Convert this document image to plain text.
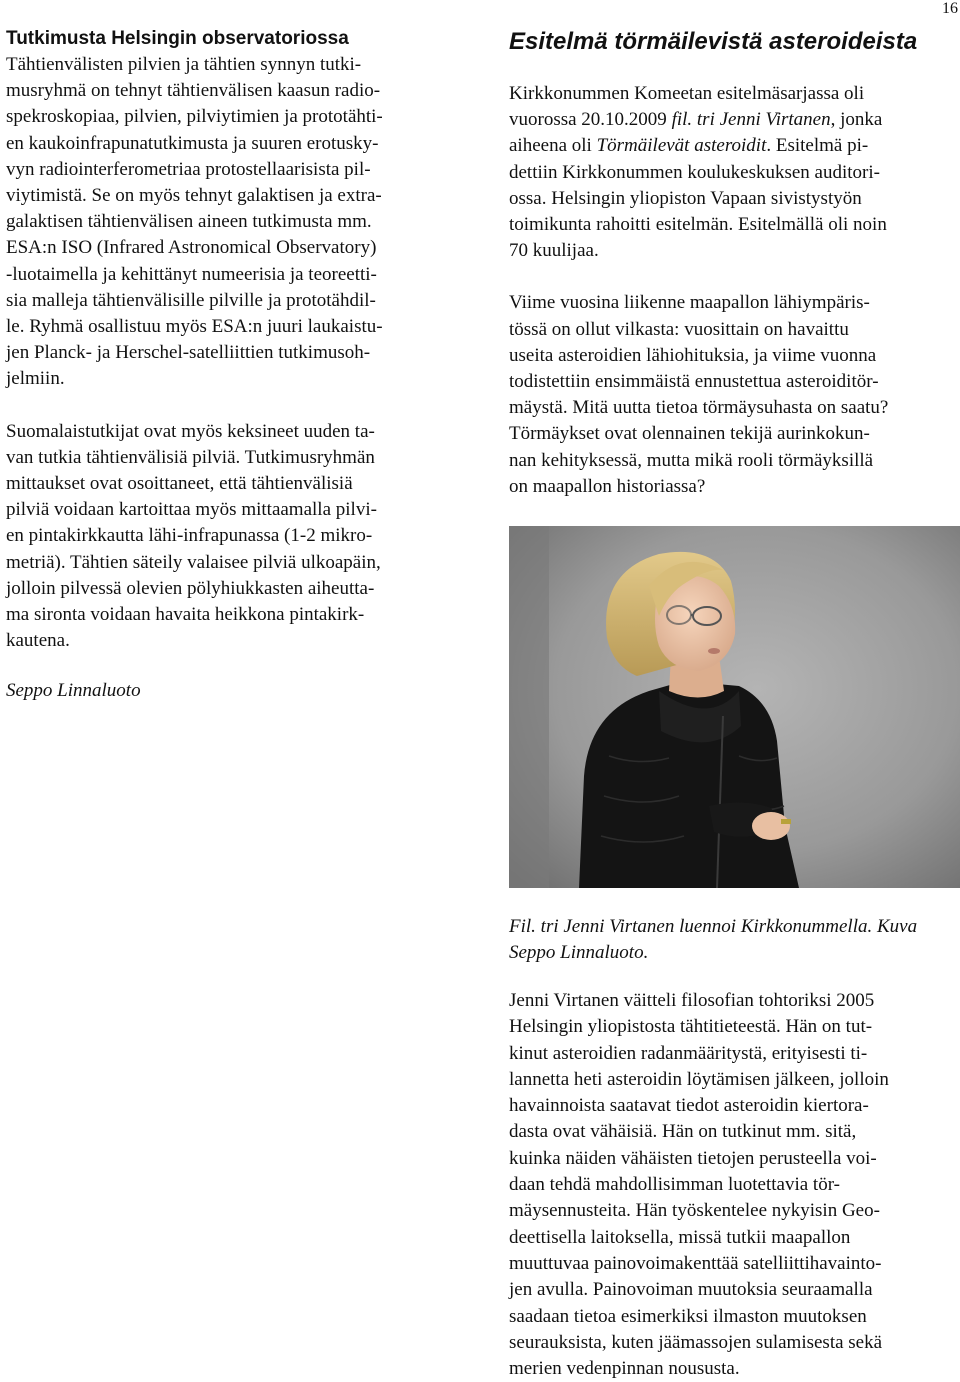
16
Tutkimusta Helsingin observatoriossa
Tähtienvälisten pilvien ja tähtien synnyn tutki-
musryhmä on tehnyt tähtienvälisen kaasun radio-
spekroskopiaa, pilvien, pilviytimien ja prototähti-
en kaukoinfrapunatutkimusta ja suuren erotusky-
vyn radiointerferometriaa protostellaarisista pil-
viytimistä. Se on myös tehnyt galaktisen ja extra-
galaktisen tähtienvälisen aineen tutkimusta mm.
ESA:n ISO (Infrared Astronomical Observatory)
-luotaimella ja kehittänyt numeerisia ja teoreetti-
sia malleja tähtienvälisille pilville ja prototähdil-
le. Ryhmä osallistuu myös ESA:n juuri laukaistu-
jen Planck- ja Herschel-satelliittien tutkimusoh-
jelmiin.
Suomalaistutkijat ovat myös keksineet uuden ta-
van tutkia tähtienvälisiä pilviä. Tutkimusryhmän
mittaukset ovat osoittaneet, että tähtienvälisiä
pilviä voidaan kartoittaa myös mittaamalla pilvi-
en pintakirkkautta lähi-infrapunassa (1-2 mikro-
metriä). Tähtien säteily valaisee pilviä ulkoapäin,
jolloin pilvessä olevien pölyhiukkasten aiheutta-
ma sironta voidaan havaita heikkona pintakirk-
kautena.
Seppo Linnaluoto
Esitelmä törmäilevistä asteroideista
Kirkkonummen Komeetan esitelmäsarjassa oli
vuorossa 20.10.2009 fil. tri Jenni Virtanen, jonka
aiheena oli Törmäilevät asteroidit. Esitelmä pi-
dettiin Kirkkonummen koulukeskuksen auditori-
ossa. Helsingin yliopiston Vapaan sivistystyön
toimikunta rahoitti esitelmän. Esitelmällä oli noin
70 kuulijaa.
Viime vuosina liikenne maapallon lähiympäris-
tössä on ollut vilkasta: vuosittain on havaittu
useita asteroidien lähiohituksia, ja viime vuonna
todistettiin ensimmäistä ennustettua asteroiditör-
mäystä. Mitä uutta tietoa törmäysuhasta on saatu?
Törmäykset ovat olennainen tekijä aurinkokun-
nan kehityksessä, mutta mikä rooli törmäyksillä
on maapallon historiassa?
Fil. tri Jenni Virtanen luennoi Kirkkonummella. Kuva
Seppo Linnaluoto.
Jenni Virtanen väitteli filosofian tohtoriksi 2005
Helsingin yliopistosta tähtitieteestä. Hän on tut-
kinut asteroidien radanmääritystä, erityisesti ti-
lannetta heti asteroidin löytämisen jälkeen, jolloin
havainnoista saatavat tiedot asteroidin kiertora-
dasta ovat vähäisiä. Hän on tutkinut mm. sitä,
kuinka näiden vähäisten tietojen perusteella voi-
daan tehdä mahdollisimman luotettavia tör-
mäysennusteita. Hän työskentelee nykyisin Geo-
deettisella laitoksella, missä tutkii maapallon
muuttuvaa painovoimakenttää satelliittihavainto-
jen avulla. Painovoiman muutoksia seuraamalla
saadaan tietoa esimerkiksi ilmaston muutoksen
seurauksista, kuten jäämassojen sulamisesta sekä
merien vedenpinnan noususta.
